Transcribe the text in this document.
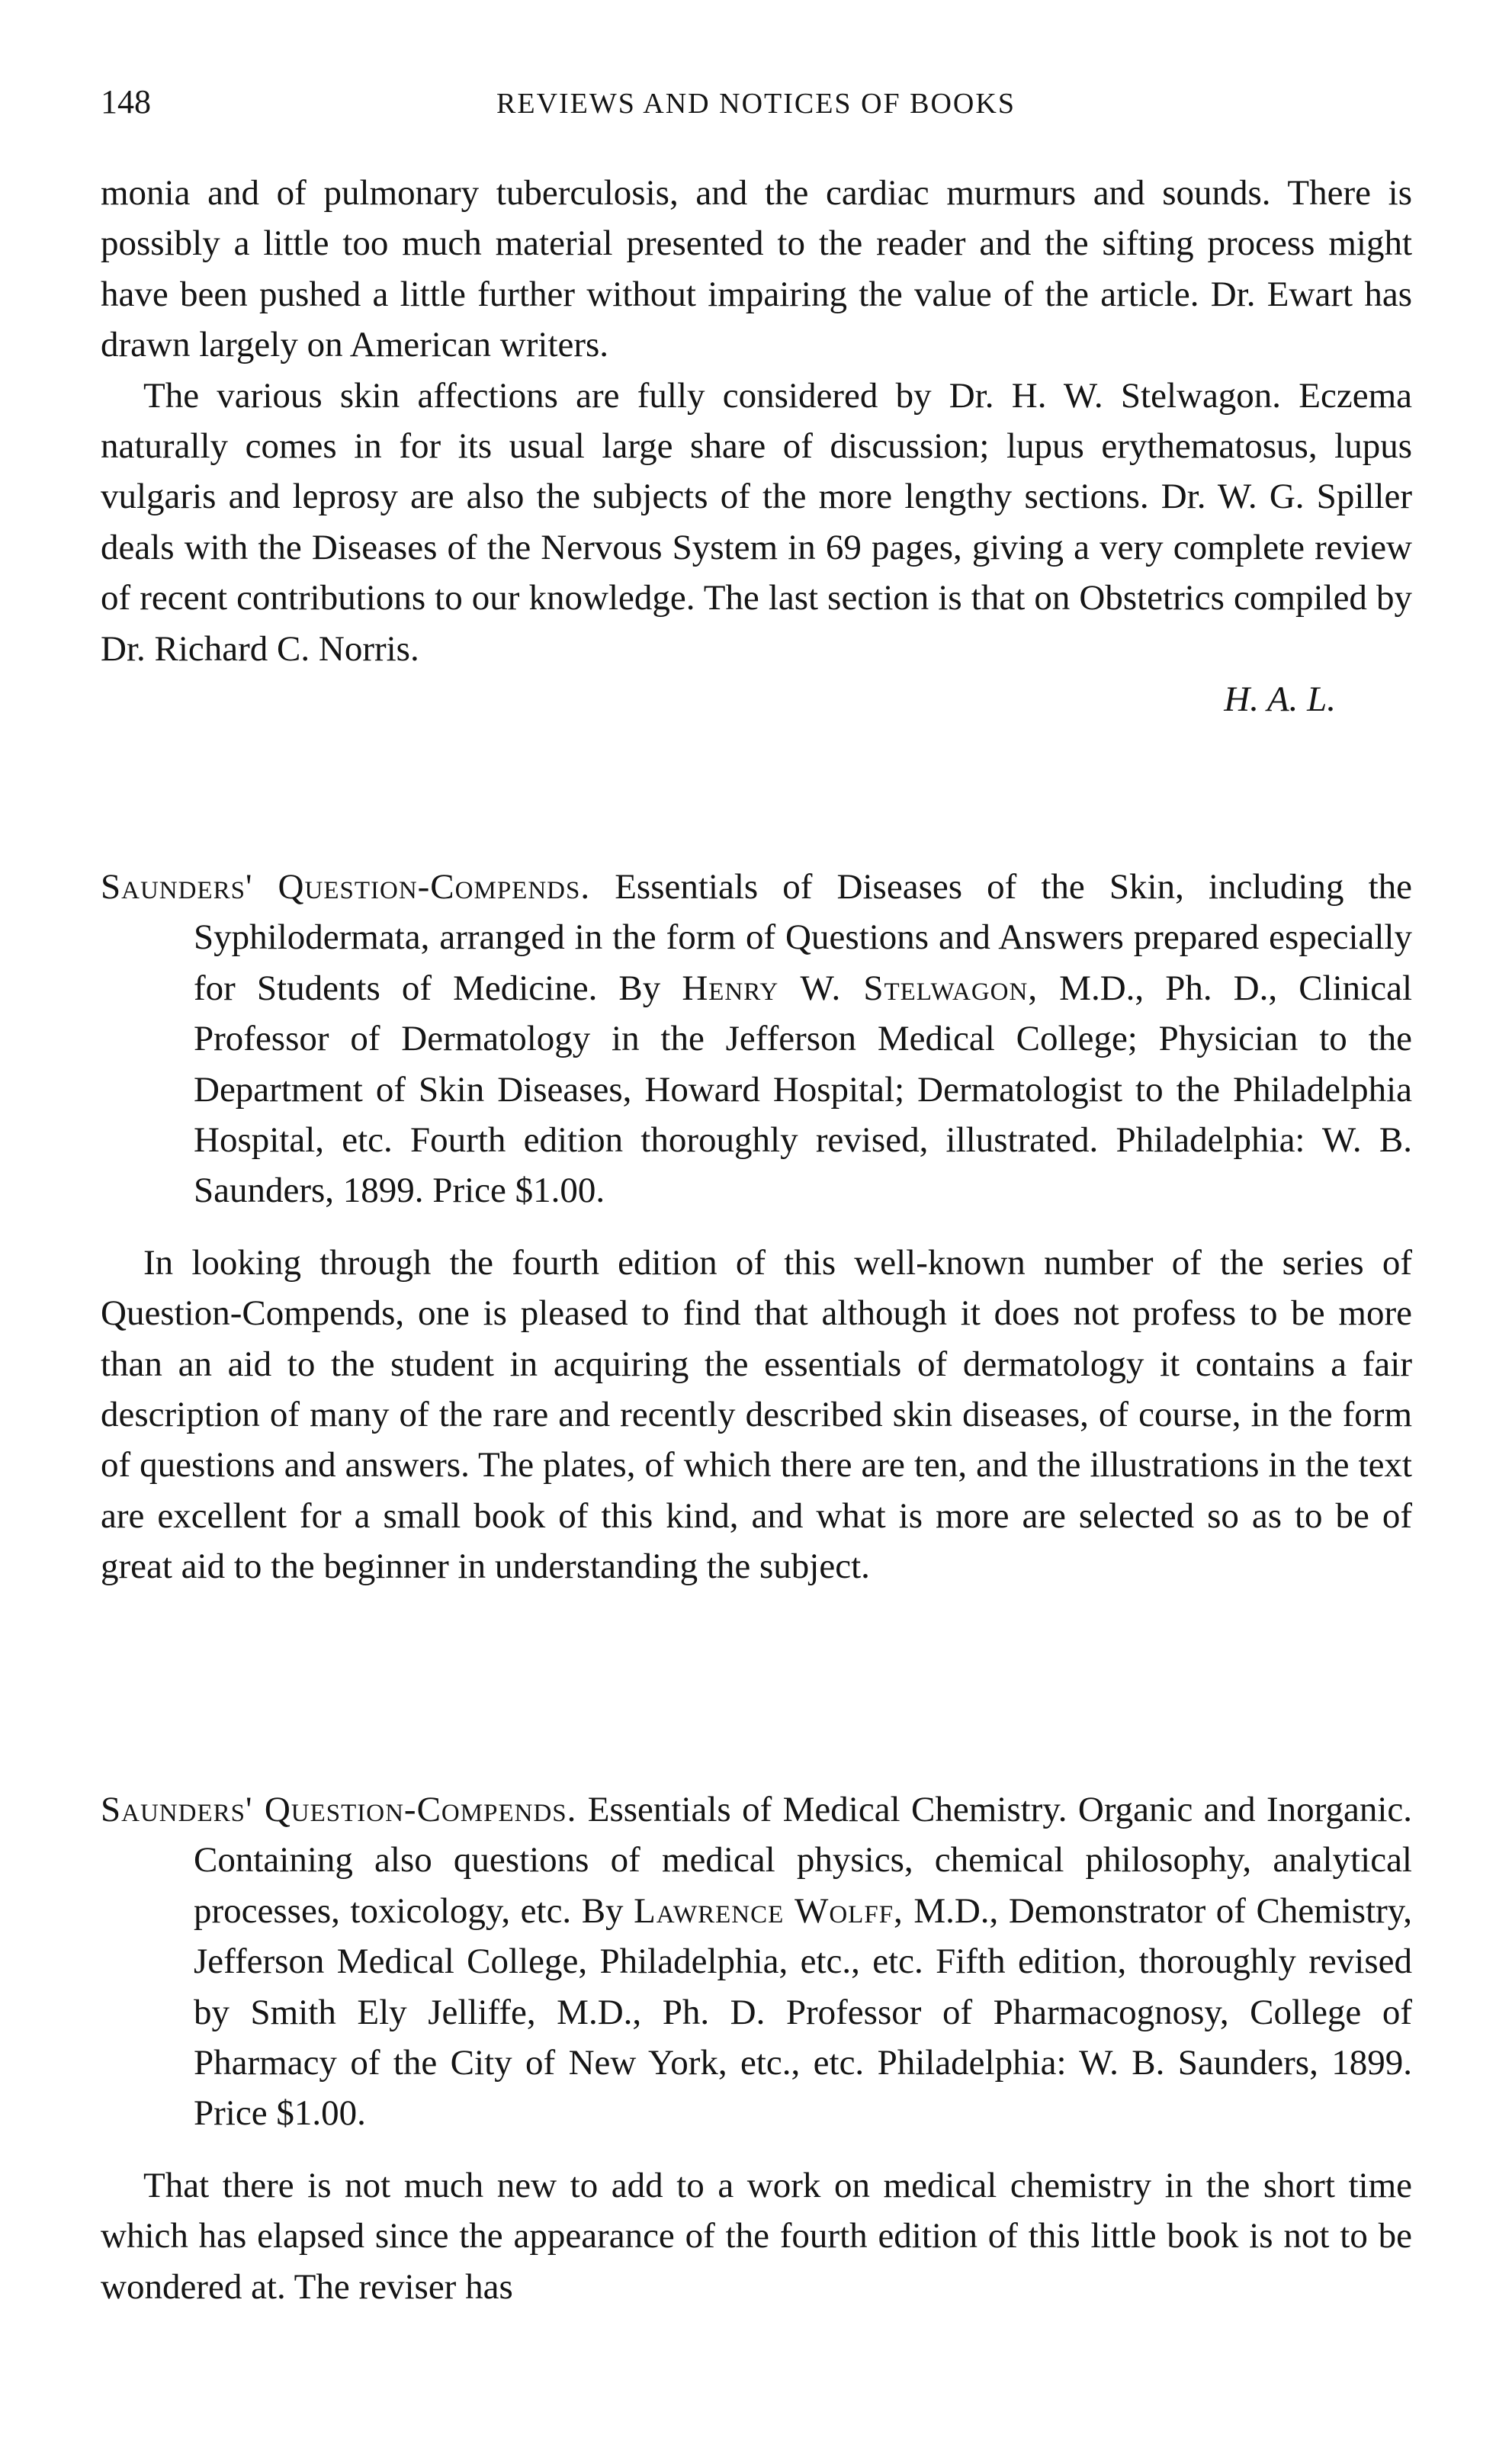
148	REVIEWS AND NOTICES OF BOOKS

monia and of pulmonary tuberculosis, and the cardiac murmurs and sounds. There is possibly a little too much material presented to the reader and the sifting process might have been pushed a little further without impairing the value of the article. Dr. Ewart has drawn largely on American writers.

The various skin affections are fully considered by Dr. H. W. Stelwagon. Eczema naturally comes in for its usual large share of discussion; lupus erythematosus, lupus vulgaris and leprosy are also the subjects of the more lengthy sections. Dr. W. G. Spiller deals with the Diseases of the Nervous System in 69 pages, giving a very complete review of recent contributions to our knowledge. The last section is that on Obstetrics compiled by Dr. Richard C. Norris.

H. A. L.

Saunders' Question-Compends. Essentials of Diseases of the Skin, including the Syphilodermata, arranged in the form of Questions and Answers prepared especially for Students of Medicine. By Henry W. Stelwagon, M.D., Ph. D., Clinical Professor of Dermatology in the Jefferson Medical College; Physician to the Department of Skin Diseases, Howard Hospital; Dermatologist to the Philadelphia Hospital, etc. Fourth edition thoroughly revised, illustrated. Philadelphia: W. B. Saunders, 1899. Price $1.00.

In looking through the fourth edition of this well-known number of the series of Question-Compends, one is pleased to find that although it does not profess to be more than an aid to the student in acquiring the essentials of dermatology it contains a fair description of many of the rare and recently described skin diseases, of course, in the form of questions and answers. The plates, of which there are ten, and the illustrations in the text are excellent for a small book of this kind, and what is more are selected so as to be of great aid to the beginner in understanding the subject.

Saunders' Question-Compends. Essentials of Medical Chemistry. Organic and Inorganic. Containing also questions of medical physics, chemical philosophy, analytical processes, toxicology, etc. By Lawrence Wolff, M.D., Demonstrator of Chemistry, Jefferson Medical College, Philadelphia, etc., etc. Fifth edition, thoroughly revised by Smith Ely Jelliffe, M.D., Ph. D. Professor of Pharmacognosy, College of Pharmacy of the City of New York, etc., etc. Philadelphia: W. B. Saunders, 1899. Price $1.00.

That there is not much new to add to a work on medical chemistry in the short time which has elapsed since the appearance of the fourth edition of this little book is not to be wondered at. The reviser has
